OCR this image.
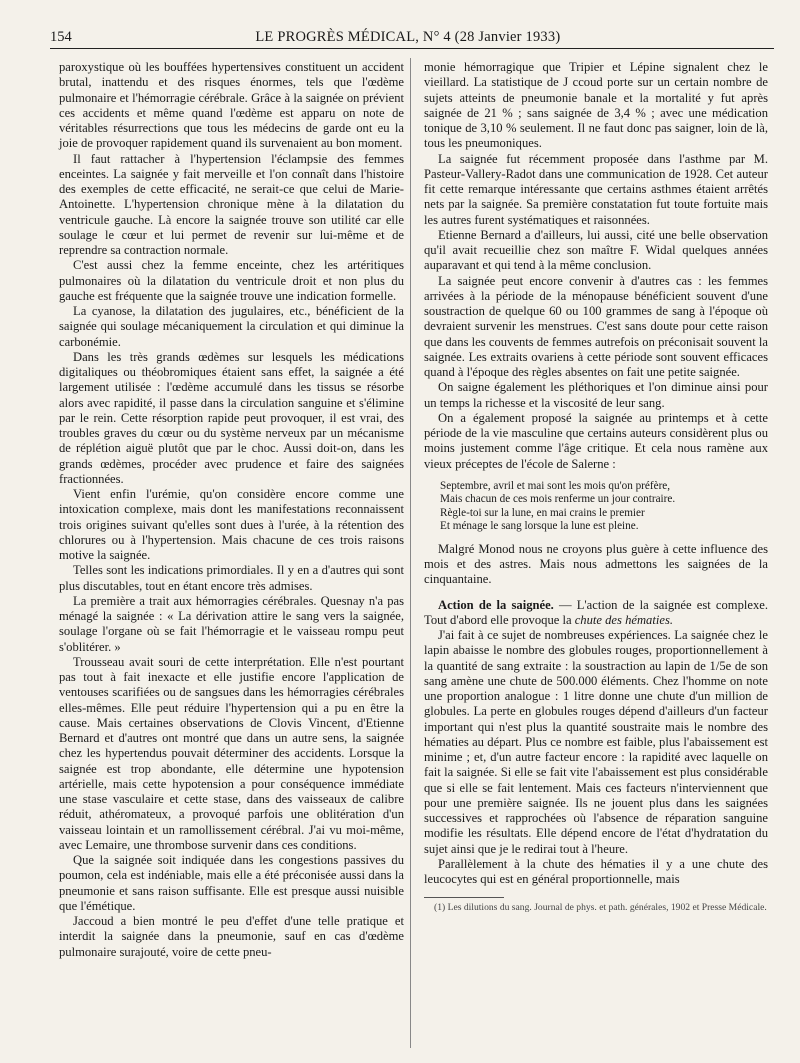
154	LE PROGRÈS MÉDICAL, N° 4 (28 Janvier 1933)

paroxystique où les bouffées hypertensives constituent un accident brutal, inattendu et des risques énormes, tels que l'œdème pulmonaire et l'hémorragie cérébrale. Grâce à la saignée on prévient ces accidents et même quand l'œdème est apparu on note de véritables résurrections que tous les médecins de garde ont eu la joie de provoquer rapidement quand ils survenaient au bon moment.

Il faut rattacher à l'hypertension l'éclampsie des femmes enceintes. La saignée y fait merveille et l'on connaît dans l'histoire des exemples de cette efficacité, ne serait-ce que celui de Marie-Antoinette. L'hypertension chronique mène à la dilatation du ventricule gauche. Là encore la saignée trouve son utilité car elle soulage le cœur et lui permet de revenir sur lui-même et de reprendre sa contraction normale.

C'est aussi chez la femme enceinte, chez les artéritiques pulmonaires où la dilatation du ventricule droit et non plus du gauche est fréquente que la saignée trouve une indication formelle.

La cyanose, la dilatation des jugulaires, etc., bénéficient de la saignée qui soulage mécaniquement la circulation et qui diminue la carbonémie.

Dans les très grands œdèmes sur lesquels les médications digitaliques ou théobromiques étaient sans effet, la saignée a été largement utilisée : l'œdème accumulé dans les tissus se résorbe alors avec rapidité, il passe dans la circulation sanguine et s'élimine par le rein. Cette résorption rapide peut provoquer, il est vrai, des troubles graves du cœur ou du système nerveux par un mécanisme de réplétion aiguë plutôt que par le choc. Aussi doit-on, dans les grands œdèmes, procéder avec prudence et faire des saignées fractionnées.

Vient enfin l'urémie, qu'on considère encore comme une intoxication complexe, mais dont les manifestations reconnaissent trois origines suivant qu'elles sont dues à l'urée, à la rétention des chlorures ou à l'hypertension. Mais chacune de ces trois raisons motive la saignée.

Telles sont les indications primordiales. Il y en a d'autres qui sont plus discutables, tout en étant encore très admises.

La première a trait aux hémorragies cérébrales. Quesnay n'a pas ménagé la saignée : « La dérivation attire le sang vers la saignée, soulage l'organe où se fait l'hémorragie et le vaisseau rompu peut s'oblitérer. »

Trousseau avait souri de cette interprétation. Elle n'est pourtant pas tout à fait inexacte et elle justifie encore l'application de ventouses scarifiées ou de sangsues dans les hémorragies cérébrales elles-mêmes. Elle peut réduire l'hypertension qui a pu en être la cause. Mais certaines observations de Clovis Vincent, d'Etienne Bernard et d'autres ont montré que dans un autre sens, la saignée chez les hypertendus pouvait déterminer des accidents. Lorsque la saignée est trop abondante, elle détermine une hypotension artérielle, mais cette hypotension a pour conséquence immédiate une stase vasculaire et cette stase, dans des vaisseaux de calibre réduit, athéromateux, a provoqué parfois une oblitération d'un vaisseau lointain et un ramollissement cérébral. J'ai vu moi-même, avec Lemaire, une thrombose survenir dans ces conditions.

Que la saignée soit indiquée dans les congestions passives du poumon, cela est indéniable, mais elle a été préconisée aussi dans la pneumonie et sans raison suffisante. Elle est presque aussi nuisible que l'émétique.

Jaccoud a bien montré le peu d'effet d'une telle pratique et interdit la saignée dans la pneumonie, sauf en cas d'œdème pulmonaire surajouté, voire de cette pneu-

monie hémorragique que Tripier et Lépine signalent chez le vieillard. La statistique de J ccoud porte sur un certain nombre de sujets atteints de pneumonie banale et la mortalité y fut après saignée de 21 % ; sans saignée de 3,4 % ; avec une médication tonique de 3,10 % seulement. Il ne faut donc pas saigner, loin de là, tous les pneumoniques.

La saignée fut récemment proposée dans l'asthme par M. Pasteur-Vallery-Radot dans une communication de 1928. Cet auteur fit cette remarque intéressante que certains asthmes étaient arrêtés nets par la saignée. Sa première constatation fut toute fortuite mais les autres furent systématiques et raisonnées.

Etienne Bernard a d'ailleurs, lui aussi, cité une belle observation qu'il avait recueillie chez son maître F. Widal quelques années auparavant et qui tend à la même conclusion.

La saignée peut encore convenir à d'autres cas : les femmes arrivées à la période de la ménopause bénéficient souvent d'une soustraction de quelque 60 ou 100 grammes de sang à l'époque où devraient survenir les menstrues. C'est sans doute pour cette raison que dans les couvents de femmes autrefois on préconisait souvent la saignée. Les extraits ovariens à cette période sont souvent efficaces quand à l'époque des règles absentes on fait une petite saignée.

On saigne également les pléthoriques et l'on diminue ainsi pour un temps la richesse et la viscosité de leur sang.

On a également proposé la saignée au printemps et à cette période de la vie masculine que certains auteurs considèrent plus ou moins justement comme l'âge critique. Et cela nous ramène aux vieux préceptes de l'école de Salerne :

Septembre, avril et mai sont les mois qu'on préfère,
Mais chacun de ces mois renferme un jour contraire.
Règle-toi sur la lune, en mai crains le premier
Et ménage le sang lorsque la lune est pleine.

Malgré Monod nous ne croyons plus guère à cette influence des mois et des astres. Mais nous admettons les saignées de la cinquantaine.

Action de la saignée. — L'action de la saignée est complexe. Tout d'abord elle provoque la chute des hématies.

J'ai fait à ce sujet de nombreuses expériences. La saignée chez le lapin abaisse le nombre des globules rouges, proportionnellement à la quantité de sang extraite : la soustraction au lapin de 1/5e de son sang amène une chute de 500.000 éléments. Chez l'homme on note une proportion analogue : 1 litre donne une chute d'un million de globules. La perte en globules rouges dépend d'ailleurs d'un facteur important qui n'est plus la quantité soustraite mais le nombre des hématies au départ. Plus ce nombre est faible, plus l'abaissement est minime ; et, d'un autre facteur encore : la rapidité avec laquelle on fait la saignée. Si elle se fait vite l'abaissement est plus considérable que si elle se fait lentement. Mais ces facteurs n'interviennent que pour une première saignée. Ils ne jouent plus dans les saignées successives et rapprochées où l'absence de réparation sanguine modifie les résultats. Elle dépend encore de l'état d'hydratation du sujet ainsi que je le redirai tout à l'heure.

Parallèlement à la chute des hématies il y a une chute des leucocytes qui est en général proportionnelle, mais

(1) Les dilutions du sang. Journal de phys. et path. générales, 1902 et Presse Médicale.
